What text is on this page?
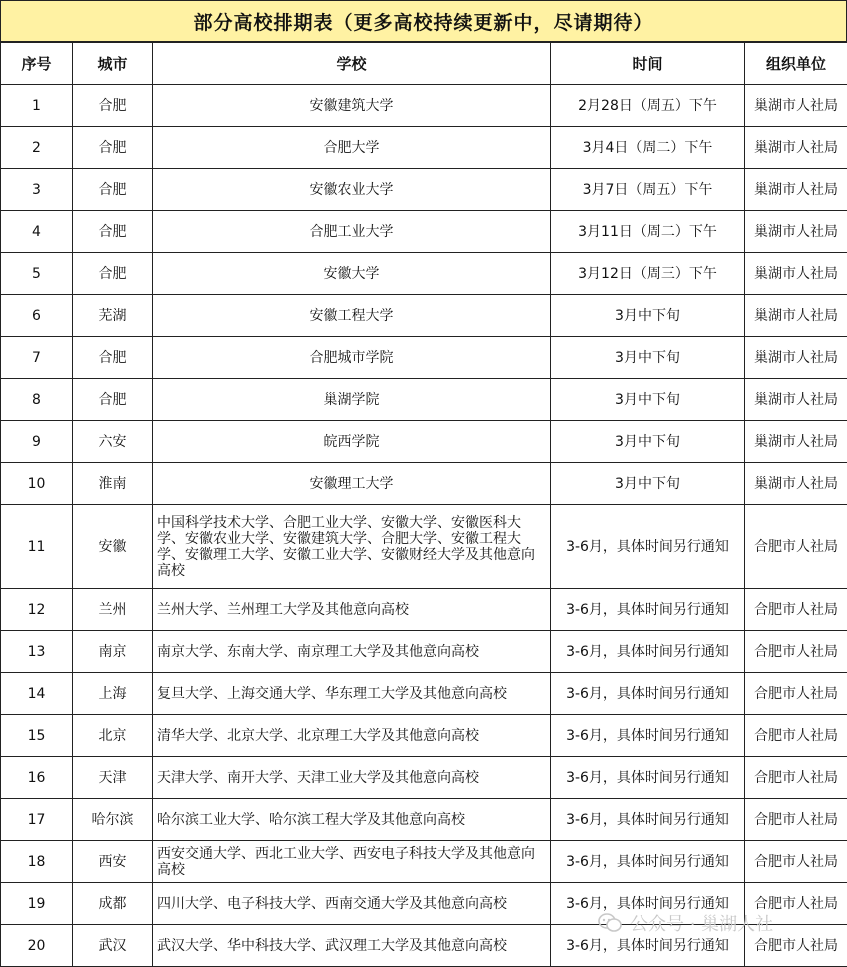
部分高校排期表（更多高校持续更新中，尽请期待）
序号	城市	学校	时间	组织单位
1	合肥	安徽建筑大学	2月28日（周五）下午	巢湖市人社局
2	合肥	合肥大学	3月4日（周二）下午	巢湖市人社局
3	合肥	安徽农业大学	3月7日（周五）下午	巢湖市人社局
4	合肥	合肥工业大学	3月11日（周二）下午	巢湖市人社局
5	合肥	安徽大学	3月12日（周三）下午	巢湖市人社局
6	芜湖	安徽工程大学	3月中下旬	巢湖市人社局
7	合肥	合肥城市学院	3月中下旬	巢湖市人社局
8	合肥	巢湖学院	3月中下旬	巢湖市人社局
9	六安	皖西学院	3月中下旬	巢湖市人社局
10	淮南	安徽理工大学	3月中下旬	巢湖市人社局
11	安徽	中国科学技术大学、合肥工业大学、安徽大学、安徽医科大学、安徽农业大学、安徽建筑大学、合肥大学、安徽工程大学、安徽理工大学、安徽工业大学、安徽财经大学及其他意向高校	3-6月，具体时间另行通知	合肥市人社局
12	兰州	兰州大学、兰州理工大学及其他意向高校	3-6月，具体时间另行通知	合肥市人社局
13	南京	南京大学、东南大学、南京理工大学及其他意向高校	3-6月，具体时间另行通知	合肥市人社局
14	上海	复旦大学、上海交通大学、华东理工大学及其他意向高校	3-6月，具体时间另行通知	合肥市人社局
15	北京	清华大学、北京大学、北京理工大学及其他意向高校	3-6月，具体时间另行通知	合肥市人社局
16	天津	天津大学、南开大学、天津工业大学及其他意向高校	3-6月，具体时间另行通知	合肥市人社局
17	哈尔滨	哈尔滨工业大学、哈尔滨工程大学及其他意向高校	3-6月，具体时间另行通知	合肥市人社局
18	西安	西安交通大学、西北工业大学、西安电子科技大学及其他意向高校	3-6月，具体时间另行通知	合肥市人社局
19	成都	四川大学、电子科技大学、西南交通大学及其他意向高校	3-6月，具体时间另行通知	合肥市人社局
20	武汉	武汉大学、华中科技大学、武汉理工大学及其他意向高校	3-6月，具体时间另行通知	合肥市人社局
公众号 · 巢湖人社
